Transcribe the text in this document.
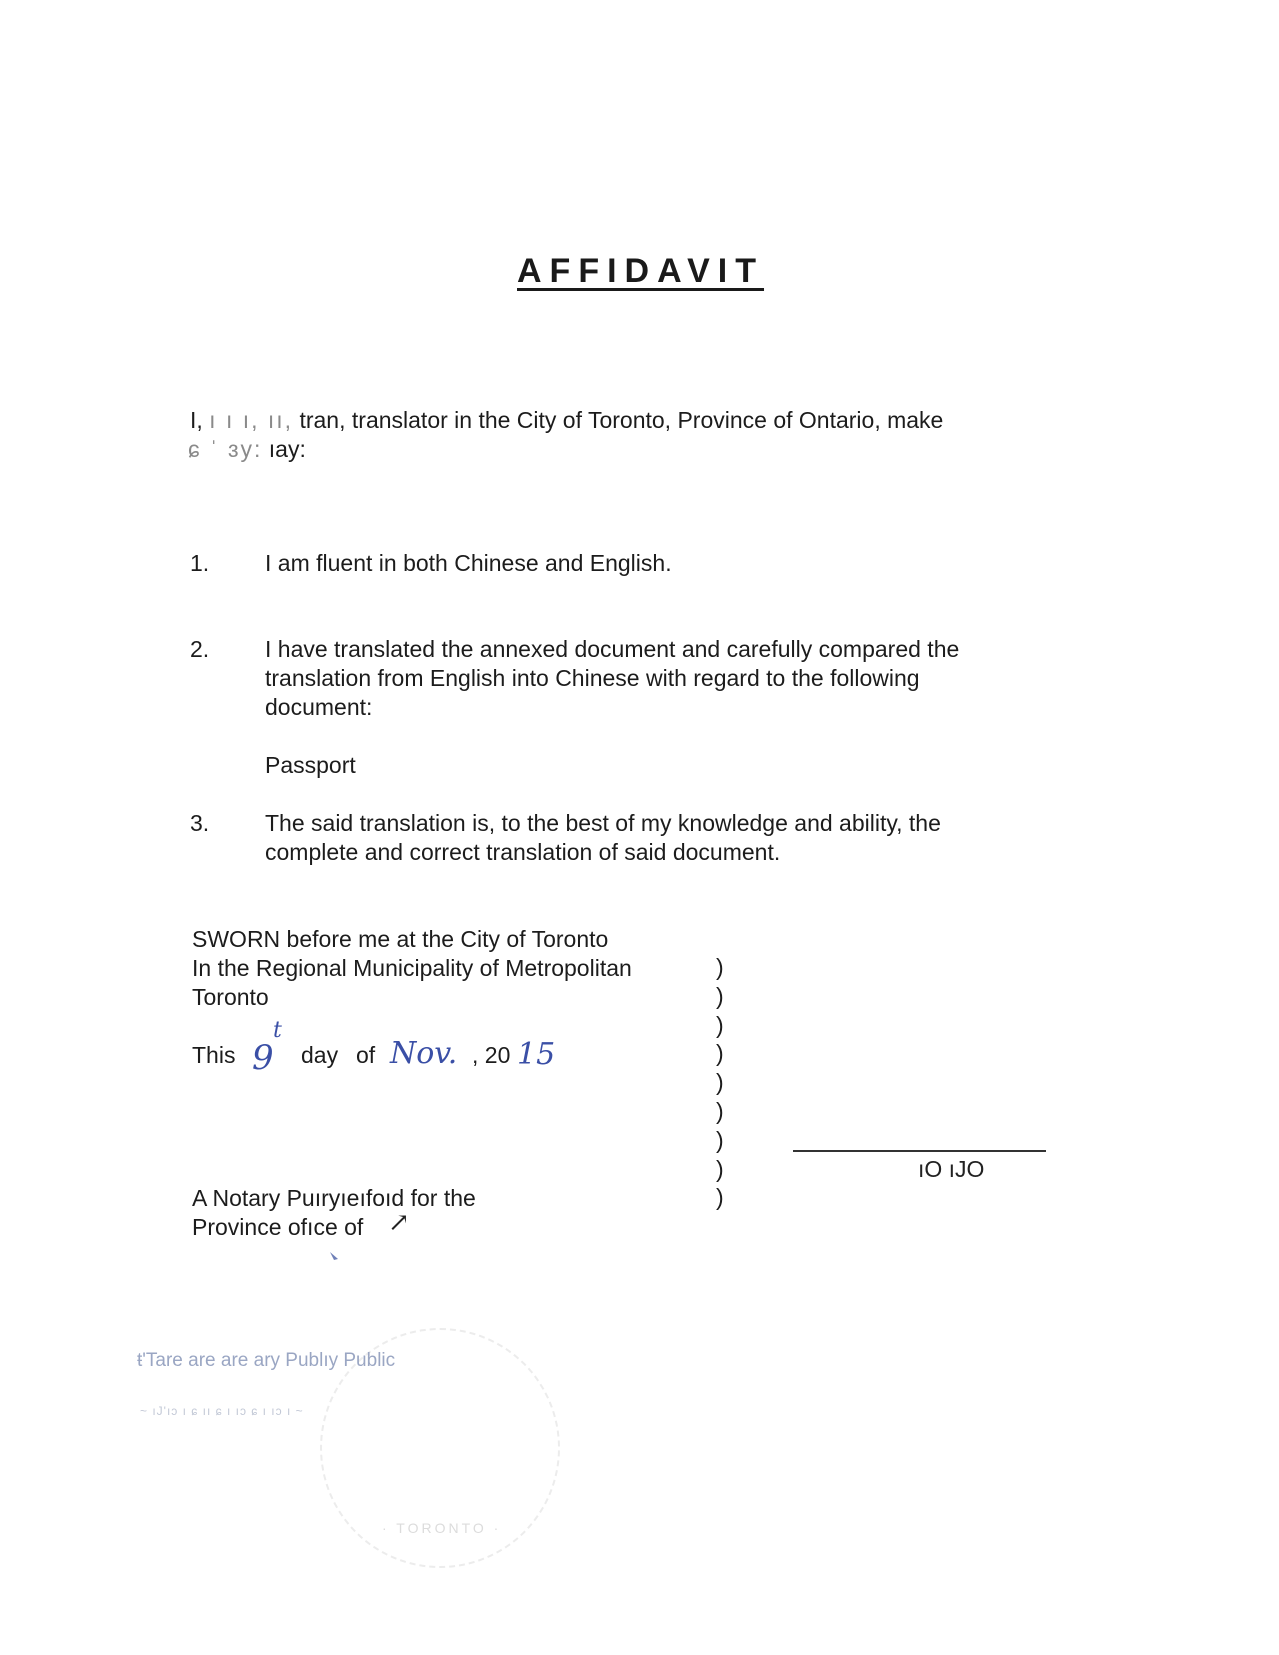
AFFIDAVIT
I, ı ı ı, ıı, tran, translator in the City of Toronto, Province of Ontario, make
ɕ ˈ ɜy: ıay:
1. I am fluent in both Chinese and English.
2. I have translated the annexed document and carefully compared the
translation from English into Chinese with regard to the following
document:
Passport
3. The said translation is, to the best of my knowledge and ability, the
complete and correct translation of said document.
SWORN before me at the City of Toronto
In the Regional Municipality of Metropolitan
Toronto
This 9
t
day of Nov. , 20 15
)
)
)
)
)
)
)
)
)
ıO ıJO
A Notary Puıryıeıfoıd for the
Province ofıce of ↗
ŧ'Tare are are ary Publıy Public
~ ıJ'ıɔ ı ɕ ıı ɕ ı ıɔ ɕ ı ıɔ ı ~
· TORONTO ·
